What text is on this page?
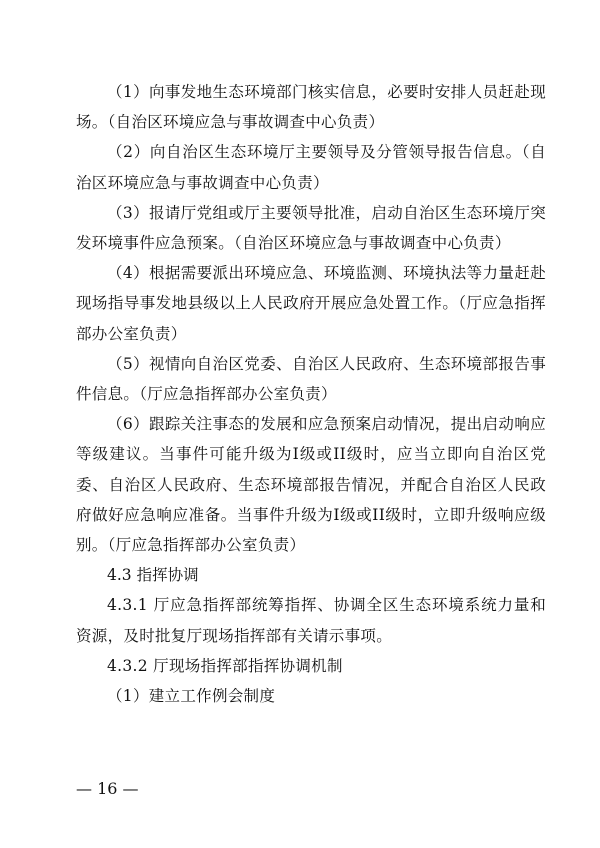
（1）向事发地生态环境部门核实信息，必要时安排人员赶赴现场。（自治区环境应急与事故调查中心负责）

（2）向自治区生态环境厅主要领导及分管领导报告信息。（自治区环境应急与事故调查中心负责）

（3）报请厅党组或厅主要领导批准，启动自治区生态环境厅突发环境事件应急预案。（自治区环境应急与事故调查中心负责）

（4）根据需要派出环境应急、环境监测、环境执法等力量赶赴现场指导事发地县级以上人民政府开展应急处置工作。（厅应急指挥部办公室负责）

（5）视情向自治区党委、自治区人民政府、生态环境部报告事件信息。（厅应急指挥部办公室负责）

（6）跟踪关注事态的发展和应急预案启动情况，提出启动响应等级建议。当事件可能升级为I级或II级时，应当立即向自治区党委、自治区人民政府、生态环境部报告情况，并配合自治区人民政府做好应急响应准备。当事件升级为I级或II级时，立即升级响应级别。（厅应急指挥部办公室负责）

4.3 指挥协调

4.3.1 厅应急指挥部统筹指挥、协调全区生态环境系统力量和资源，及时批复厅现场指挥部有关请示事项。

4.3.2 厅现场指挥部指挥协调机制

（1）建立工作例会制度

— 16 —
